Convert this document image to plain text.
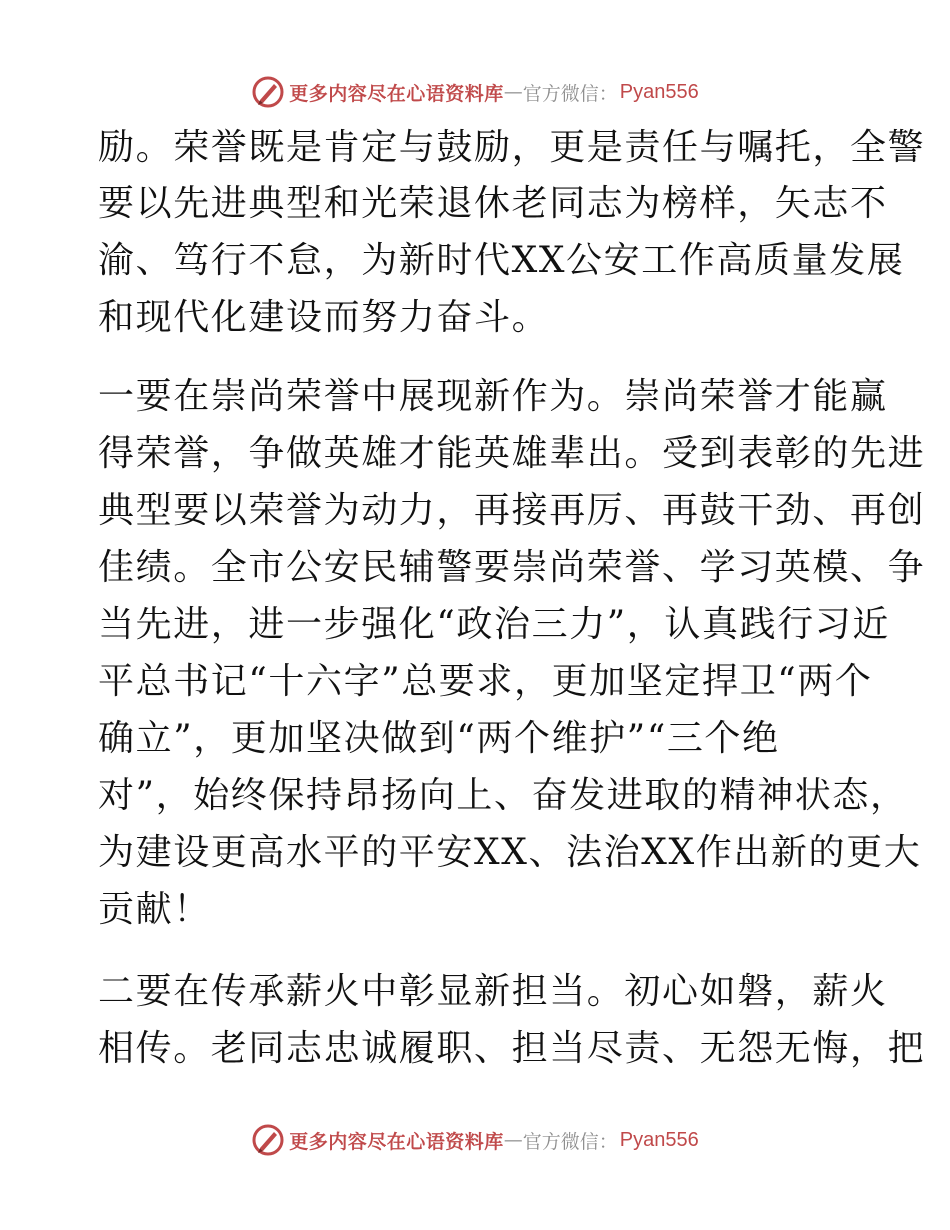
更多内容尽在心语资料库 — 官方微信： Pyan556
励。荣誉既是肯定与鼓励，更是责任与嘱托，全警
要以先进典型和光荣退休老同志为榜样，矢志不
渝、笃行不怠，为新时代XX公安工作高质量发展
和现代化建设而努力奋斗。
一要在崇尚荣誉中展现新作为。崇尚荣誉才能赢
得荣誉，争做英雄才能英雄辈出。受到表彰的先进
典型要以荣誉为动力，再接再厉、再鼓干劲、再创
佳绩。全市公安民辅警要崇尚荣誉、学习英模、争
当先进，进一步强化“政治三力”，认真践行习近
平总书记“十六字”总要求，更加坚定捍卫“两个
确立”，更加坚决做到“两个维护”“三个绝
对”，始终保持昂扬向上、奋发进取的精神状态，
为建设更高水平的平安XX、法治XX作出新的更大
贡献！
二要在传承薪火中彰显新担当。初心如磐，薪火
相传。老同志忠诚履职、担当尽责、无怨无悔，把
更多内容尽在心语资料库 — 官方微信： Pyan556
